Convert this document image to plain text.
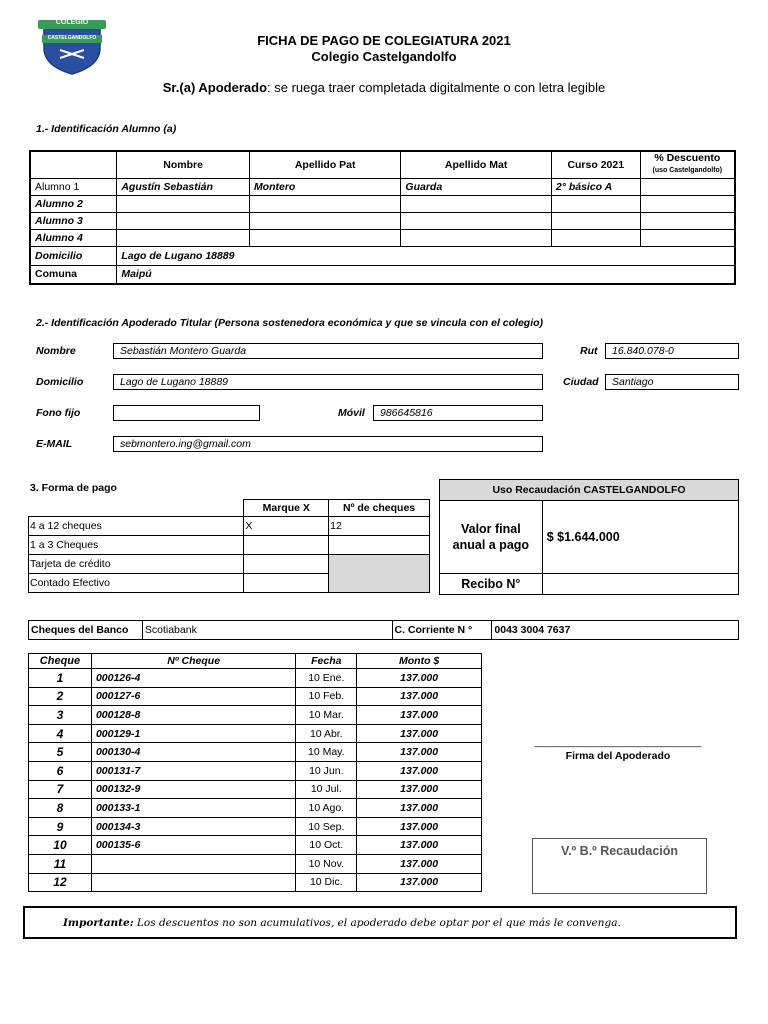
COLEGIO
CASTELGANDOLFO	FICHA DE PAGO DE COLEGIATURA 2021
Colegio Castelgandolfo
Sr.(a) Apoderado: se ruega traer completada digitalmente o con letra legible
1.- Identificación Alumno (a)
	Nombre	Apellido Pat	Apellido Mat	Curso 2021	% Descuento
(uso Castelgandolfo)
Alumno 1	Agustín Sebastián	Montero	Guarda	2° básico A	
Alumno 2					
Alumno 3					
Alumno 4					
Domicilio	Lago de Lugano 18889				
Comuna	Maipú				
2.- Identificación Apoderado Titular (Persona sostenedora económica y que se vincula con el colegio)
Nombre	Sebastián Montero Guarda	Rut	16.840.078-0
Domicilio	Lago de Lugano 18889	Ciudad	Santiago
Fono fijo	Móvil	986645816
E-MAIL	sebmontero.ing@gmail.com
3. Forma de pago
	Marque X	Nº de cheques
4 a 12 cheques	X	12
1 a 3 Cheques		
Tarjeta de crédito		
Contado Efectivo		
Uso Recaudación CASTELGANDOLFO	
Valor final
anual a pago	$ $1.644.000
Recibo N°	
Cheques del Banco	Scotiabank	C. Corriente N °	0043 3004 7637
Cheque	Nº Cheque	Fecha	Monto $
1	000126-4	10 Ene.	137.000
2	000127-6	10 Feb.	137.000
3	000128-8	10 Mar.	137.000
4	000129-1	10 Abr.	137.000
5	000130-4	10 May.	137.000
6	000131-7	10 Jun.	137.000
7	000132-9	10 Jul.	137.000
8	000133-1	10 Ago.	137.000
9	000134-3	10 Sep.	137.000
10	000135-6	10 Oct.	137.000
11		10 Nov.	137.000
12		10 Dic.	137.000
______________________________
Firma del Apoderado
V.º B.º Recaudación
Importante: Los descuentos no son acumulativos, el apoderado debe optar por el que más le convenga.
